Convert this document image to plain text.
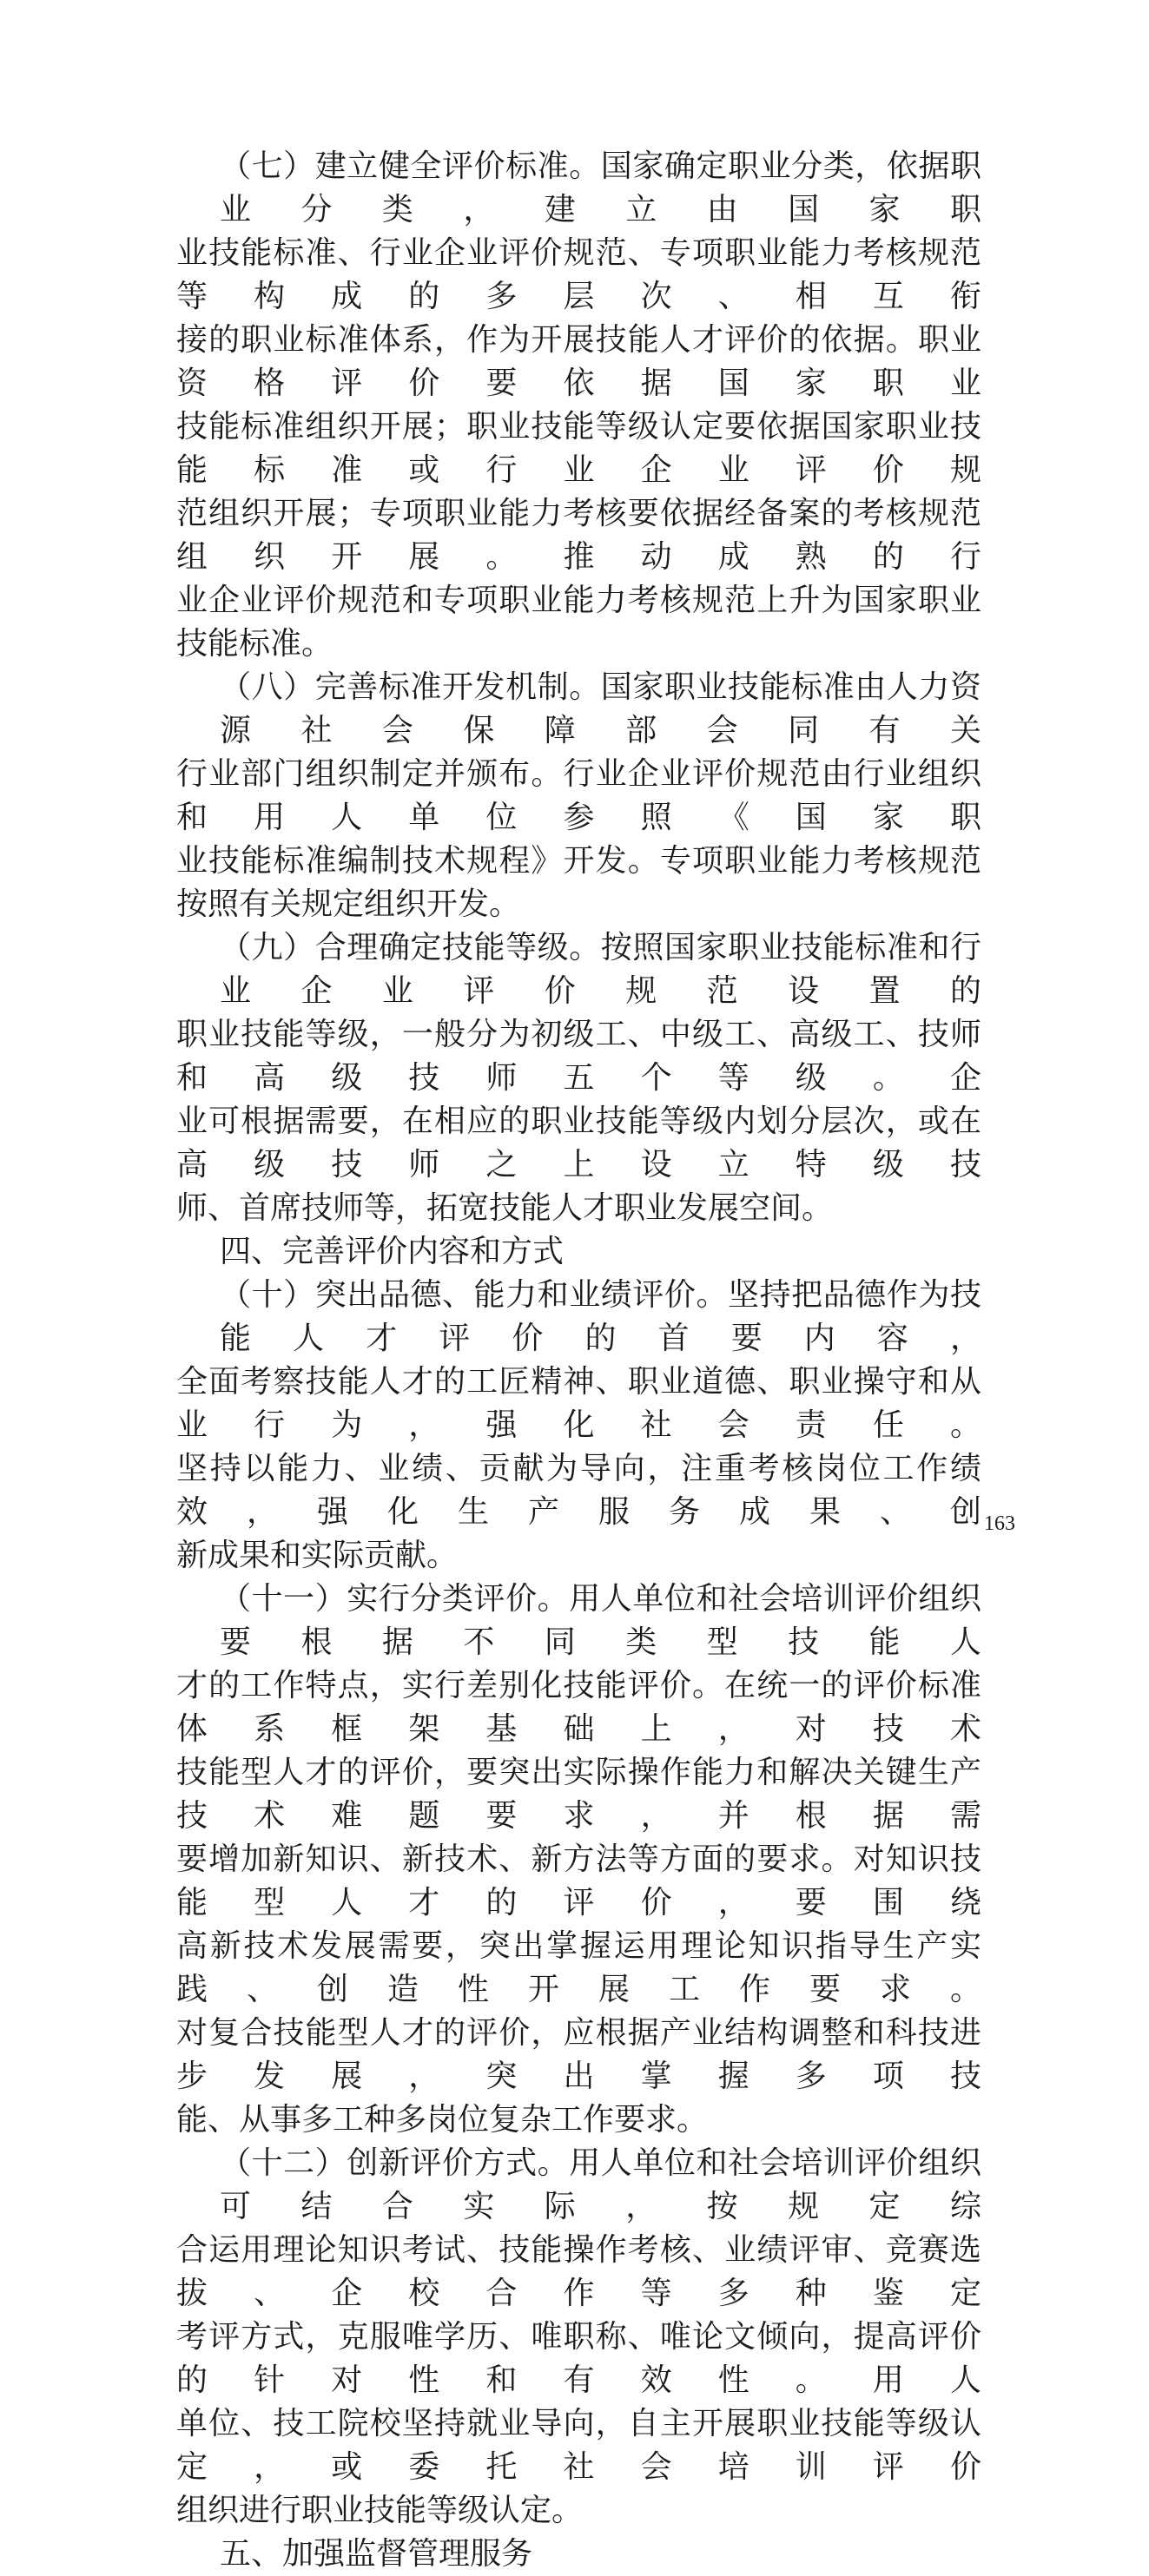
（七）建立健全评价标准。国家确定职业分类，依据职业分类，建立由国家职
业技能标准、行业企业评价规范、专项职业能力考核规范等构成的多层次、相互衔
接的职业标准体系，作为开展技能人才评价的依据。职业资格评价要依据国家职业
技能标准组织开展；职业技能等级认定要依据国家职业技能标准或行业企业评价规
范组织开展；专项职业能力考核要依据经备案的考核规范组织开展。推动成熟的行
业企业评价规范和专项职业能力考核规范上升为国家职业技能标准。
（八）完善标准开发机制。国家职业技能标准由人力资源社会保障部会同有关
行业部门组织制定并颁布。行业企业评价规范由行业组织和用人单位参照《国家职
业技能标准编制技术规程》开发。专项职业能力考核规范按照有关规定组织开发。
（九）合理确定技能等级。按照国家职业技能标准和行业企业评价规范设置的
职业技能等级，一般分为初级工、中级工、高级工、技师和高级技师五个等级。企
业可根据需要，在相应的职业技能等级内划分层次，或在高级技师之上设立特级技
师、首席技师等，拓宽技能人才职业发展空间。
四、完善评价内容和方式
（十）突出品德、能力和业绩评价。坚持把品德作为技能人才评价的首要内容，
全面考察技能人才的工匠精神、职业道德、职业操守和从业行为，强化社会责任。
坚持以能力、业绩、贡献为导向，注重考核岗位工作绩效，强化生产服务成果、创
新成果和实际贡献。
（十一）实行分类评价。用人单位和社会培训评价组织要根据不同类型技能人
才的工作特点，实行差别化技能评价。在统一的评价标准体系框架基础上，对技术
技能型人才的评价，要突出实际操作能力和解决关键生产技术难题要求，并根据需
要增加新知识、新技术、新方法等方面的要求。对知识技能型人才的评价，要围绕
高新技术发展需要，突出掌握运用理论知识指导生产实践、创造性开展工作要求。
对复合技能型人才的评价，应根据产业结构调整和科技进步发展，突出掌握多项技
能、从事多工种多岗位复杂工作要求。
（十二）创新评价方式。用人单位和社会培训评价组织可结合实际，按规定综
合运用理论知识考试、技能操作考核、业绩评审、竞赛选拔、企校合作等多种鉴定
考评方式，克服唯学历、唯职称、唯论文倾向，提高评价的针对性和有效性。用人
单位、技工院校坚持就业导向，自主开展职业技能等级认定，或委托社会培训评价
组织进行职业技能等级认定。
五、加强监督管理服务
163
